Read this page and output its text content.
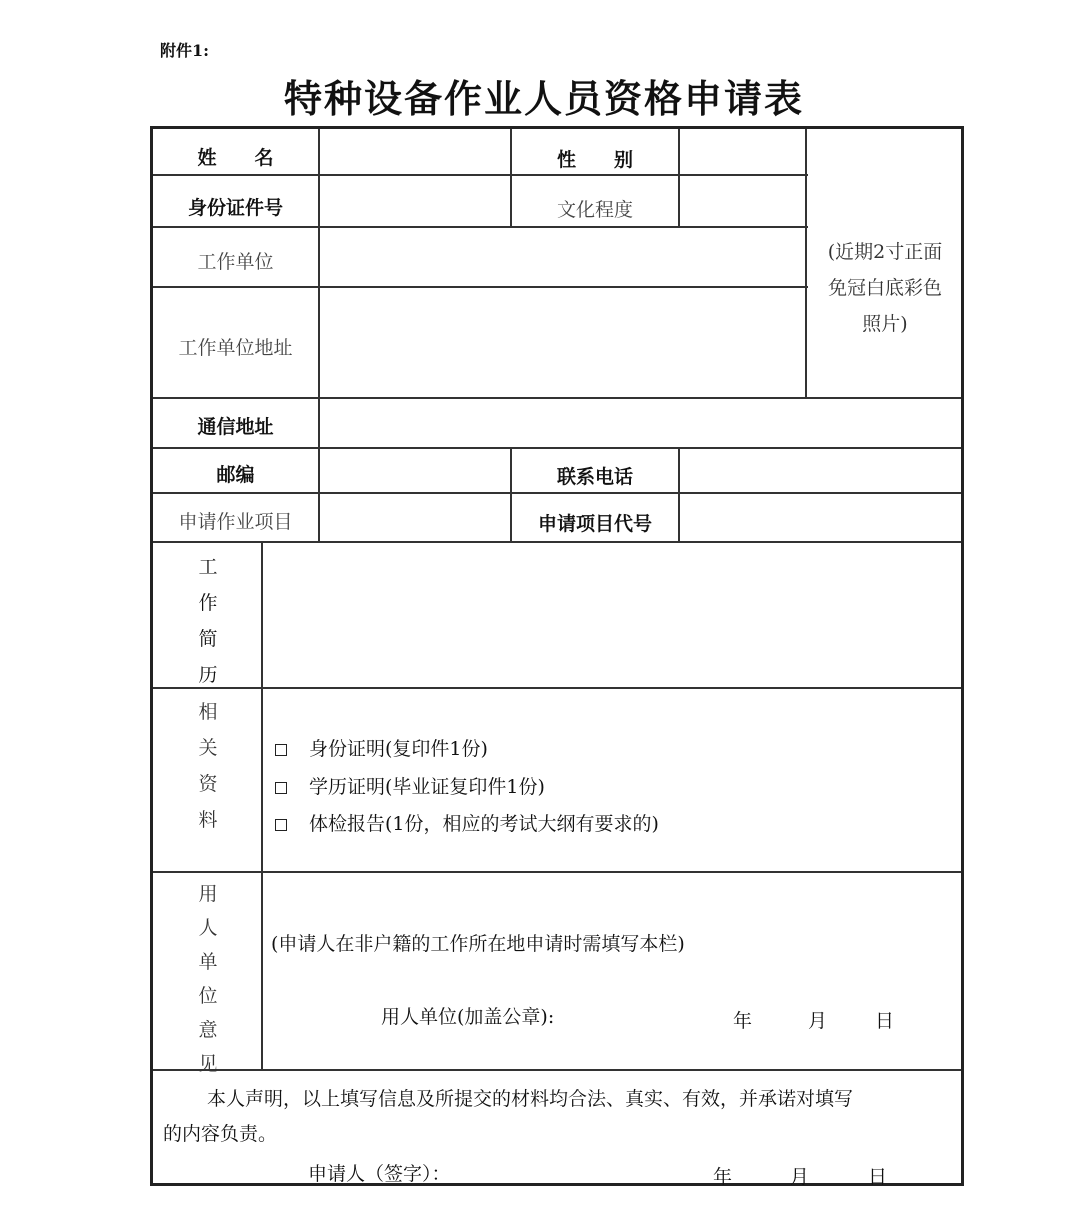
附件1:
特种设备作业人员资格申请表
姓　　名	性　　别
身份证件号	文化程度
工作单位
工作单位地址
(近期2寸正面
免冠白底彩色
照片)
通信地址
邮编	联系电话
申请作业项目	申请项目代号
工
作
简
历
相
关
资
料
身份证明(复印件1份)
学历证明(毕业证复印件1份)
体检报告(1份，相应的考试大纲有要求的)
用
人
单
位
意
见
(申请人在非户籍的工作所在地申请时需填写本栏)
用人单位(加盖公章):	年	月	日
本人声明，以上填写信息及所提交的材料均合法、真实、有效，并承诺对填写
的内容负责。
申请人（签字）：	年	月	日
